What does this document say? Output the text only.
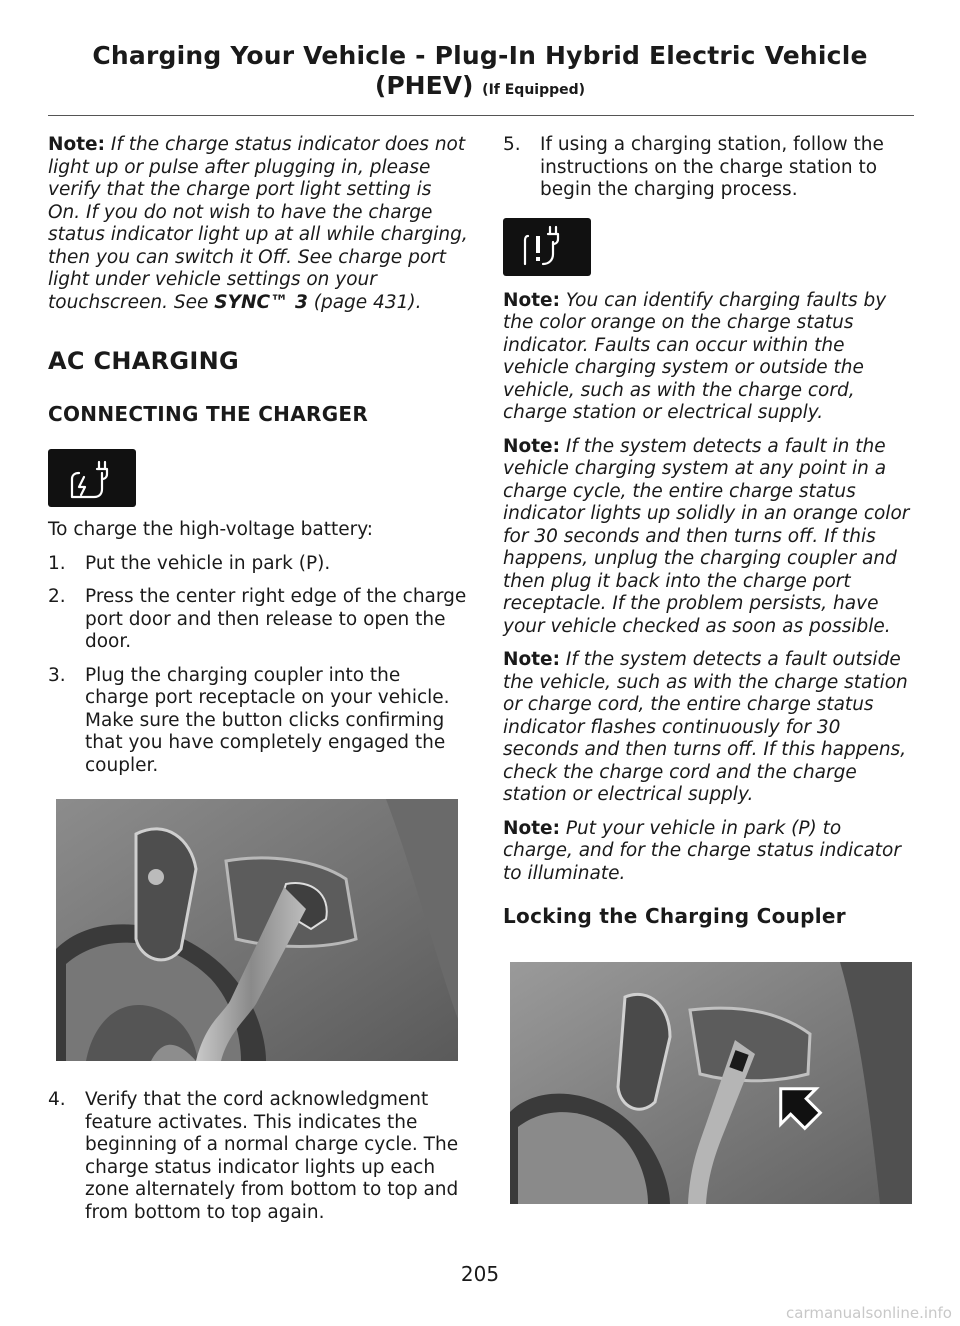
Charging Your Vehicle - Plug-In Hybrid Electric Vehicle
(PHEV) (If Equipped)

Note: If the charge status indicator does not light up or pulse after plugging in, please verify that the charge port light setting is On. If you do not wish to have the charge status indicator light up at all while charging, then you can switch it Off. See charge port light under vehicle settings on your touchscreen. See SYNC™ 3 (page 431).

AC CHARGING
CONNECTING THE CHARGER

To charge the high-voltage battery:

1. Put the vehicle in park (P).
2. Press the center right edge of the charge port door and then release to open the door.
3. Plug the charging coupler into the charge port receptacle on your vehicle. Make sure the button clicks confirming that you have completely engaged the coupler.
4. Verify that the cord acknowledgment feature activates. This indicates the beginning of a normal charge cycle. The charge status indicator lights up each zone alternately from bottom to top and from bottom to top again.
5. If using a charging station, follow the instructions on the charge station to begin the charging process.

Note: You can identify charging faults by the color orange on the charge status indicator. Faults can occur within the vehicle charging system or outside the vehicle, such as with the charge cord, charge station or electrical supply.

Note: If the system detects a fault in the vehicle charging system at any point in a charge cycle, the entire charge status indicator lights up solidly in an orange color for 30 seconds and then turns off. If this happens, unplug the charging coupler and then plug it back into the charge port receptacle. If the problem persists, have your vehicle checked as soon as possible.

Note: If the system detects a fault outside the vehicle, such as with the charge station or charge cord, the entire charge status indicator flashes continuously for 30 seconds and then turns off. If this happens, check the charge cord and the charge station or electrical supply.

Note: Put your vehicle in park (P) to charge, and for the charge status indicator to illuminate.

Locking the Charging Coupler
205
carmanualsonline.info
